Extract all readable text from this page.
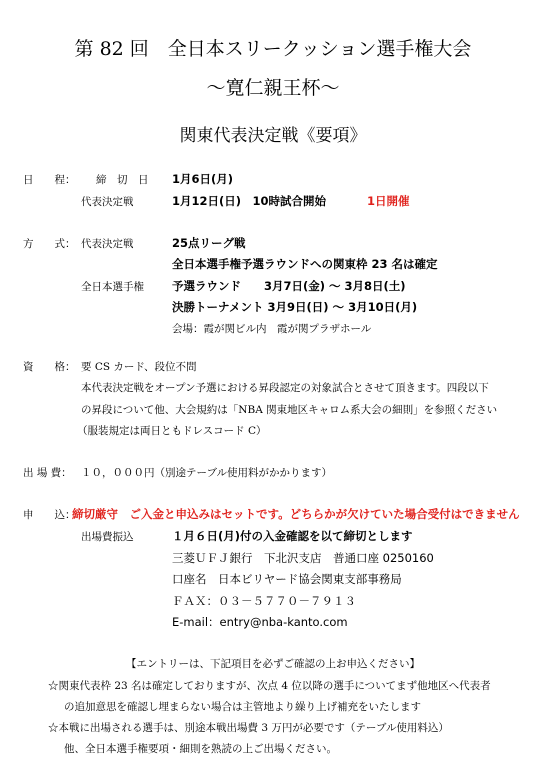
第 82 回　全日本スリークッション選手権大会
～寛仁親王杯～
関東代表決定戦《要項》
日　　程： 締　切　日 1月6日(月)
代表決定戦	1月12日(日)　10時試合開始	1日開催
方　　式： 代表決定戦	25点リーグ戦
全日本選手権予選ラウンドへの関東枠 23 名は確定
全日本選手権 予選ラウンド　　3月7日(金) ～ 3月8日(土)
決勝トーナメント 3月9日(日) ～ 3月10日(月)
会場：霞が関ビル内　霞が関プラザホール
資　　格： 要 CS カード、段位不問
本代表決定戦をオープン予選における昇段認定の対象試合とさせて頂きます。四段以下
の昇段について他、大会規約は「NBA 関東地区キャロム系大会の細則」を参照ください
（服装規定は両日ともドレスコード C）
出 場 費： １０，０００円（別途テーブル使用料がかかります）
申　　込：
締切厳守　ご入金と申込みはセットです。どちらかが欠けていた場合受付はできません
出場費振込	１月６日(月)付の入金確認を以て締切とします
三菱ＵＦＪ銀行　下北沢支店　普通口座 0250160
口座名　日本ビリヤード協会関東支部事務局
ＦＡＸ：０３－５７７０－７９１３
E-mail：entry@nba-kanto.com
【エントリーは、下記項目を必ずご確認の上お申込ください】
☆関東代表枠 23 名は確定しておりますが、次点 4 位以降の選手についてまず他地区へ代表者
の追加意思を確認し埋まらない場合は主管地より繰り上げ補充をいたします
☆本戦に出場される選手は、別途本戦出場費 3 万円が必要です（テーブル使用料込）
他、全日本選手権要項・細則を熟読の上ご出場ください。
